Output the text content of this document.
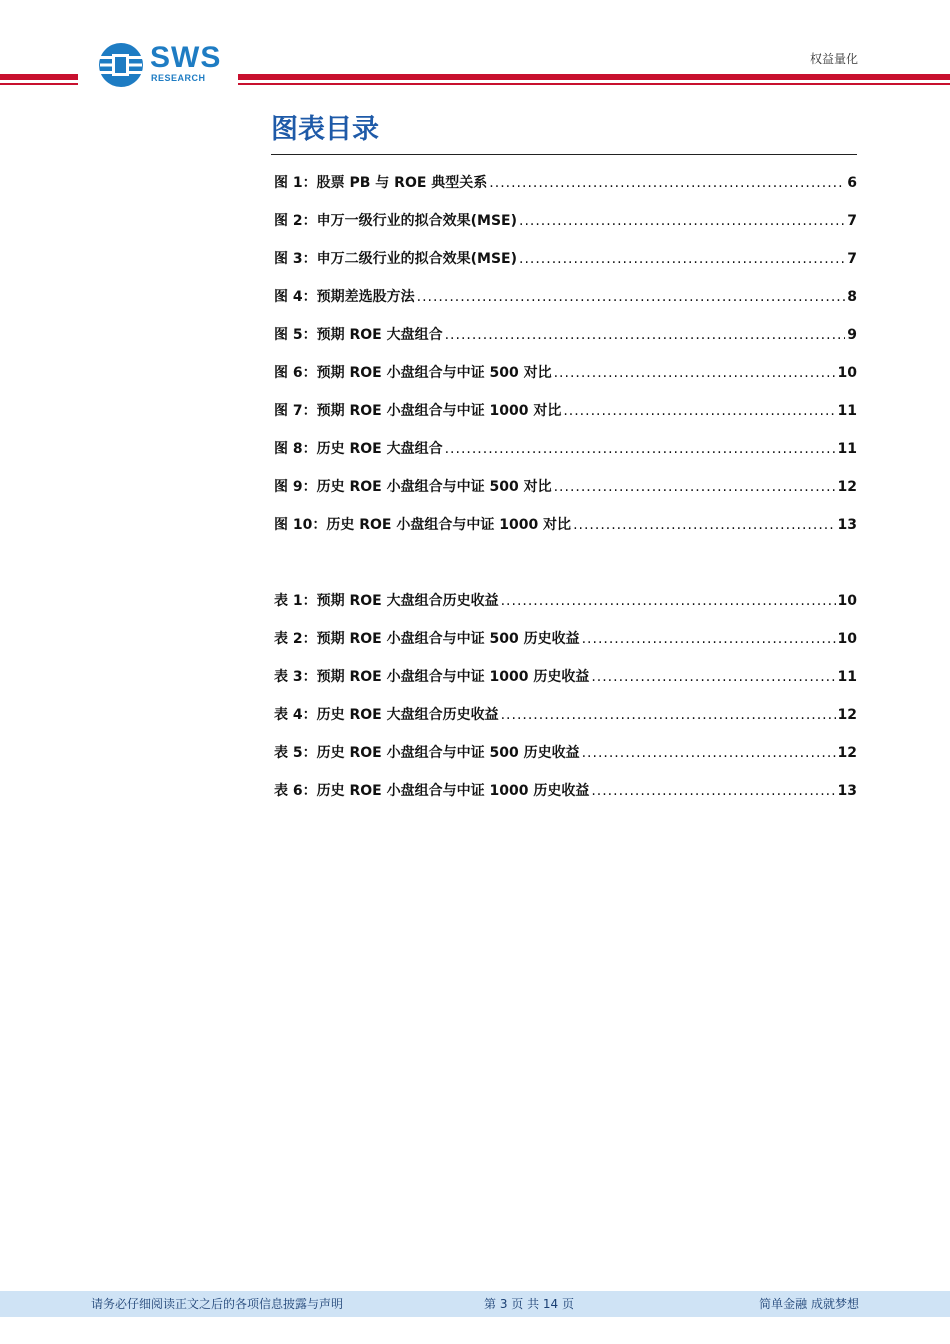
SWS
RESEARCH
权益量化
图表目录
图 1：股票 PB 与 ROE 典型关系 .....	6
图 2：申万一级行业的拟合效果(MSE) .....	7
图 3：申万二级行业的拟合效果(MSE) .....	7
图 4：预期差选股方法 .....	8
图 5：预期 ROE 大盘组合 .....	9
图 6：预期 ROE 小盘组合与中证 500 对比 .....	10
图 7：预期 ROE 小盘组合与中证 1000 对比 .....	11
图 8：历史 ROE 大盘组合 .....	11
图 9：历史 ROE 小盘组合与中证 500 对比 .....	12
图 10：历史 ROE 小盘组合与中证 1000 对比 .....	13
表 1：预期 ROE 大盘组合历史收益 .....	10
表 2：预期 ROE 小盘组合与中证 500 历史收益 .....	10
表 3：预期 ROE 小盘组合与中证 1000 历史收益 .....	11
表 4：历史 ROE 大盘组合历史收益 .....	12
表 5：历史 ROE 小盘组合与中证 500 历史收益 .....	12
表 6：历史 ROE 小盘组合与中证 1000 历史收益 .....	13
请务必仔细阅读正文之后的各项信息披露与声明	第 3 页 共 14 页	简单金融 成就梦想
